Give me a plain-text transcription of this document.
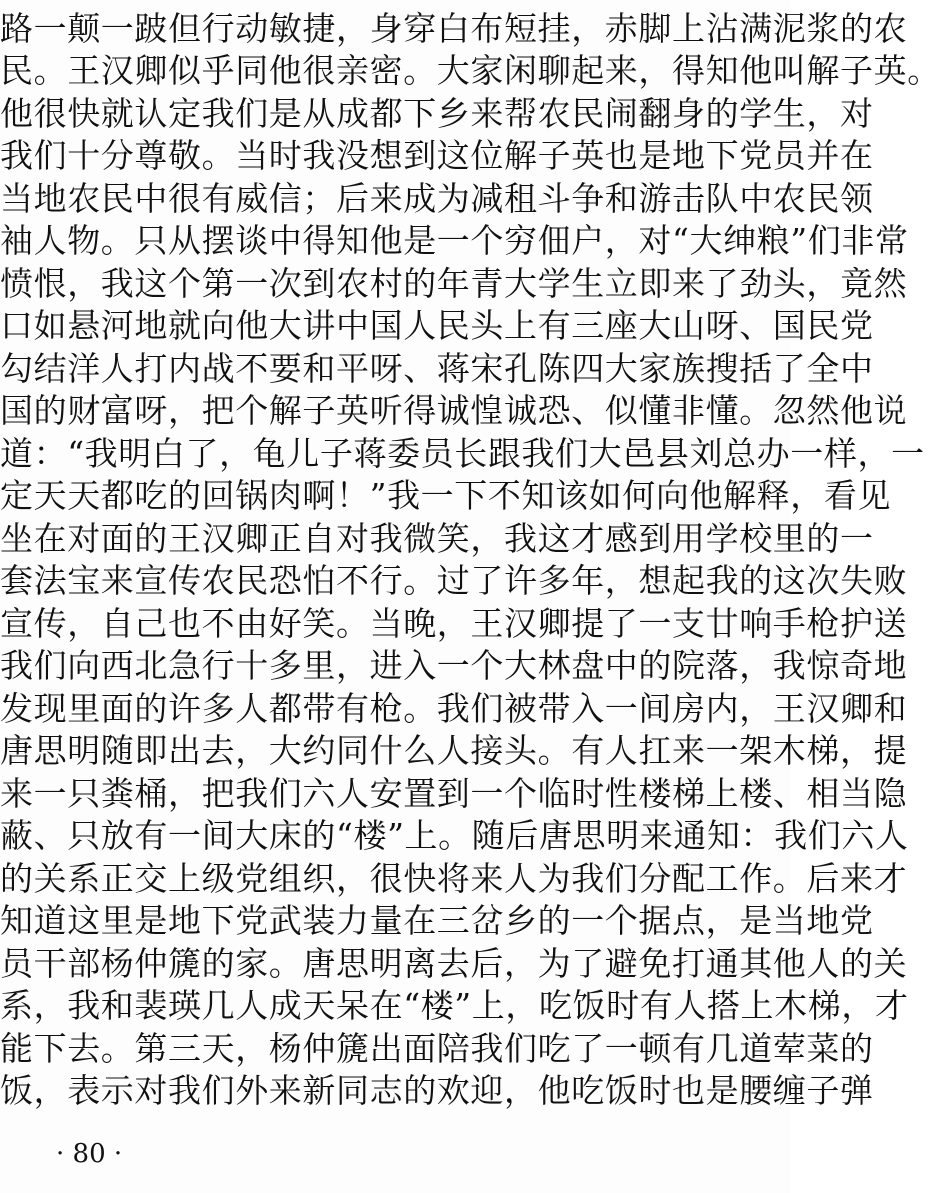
路一颠一跛但行动敏捷，身穿白布短挂，赤脚上沾满泥浆的农
民。王汉卿似乎同他很亲密。大家闲聊起来，得知他叫解子英。
他很快就认定我们是从成都下乡来帮农民闹翻身的学生，对
我们十分尊敬。当时我没想到这位解子英也是地下党员并在
当地农民中很有威信；后来成为减租斗争和游击队中农民领
袖人物。只从摆谈中得知他是一个穷佃户，对“大绅粮”们非常
愤恨，我这个第一次到农村的年青大学生立即来了劲头，竟然
口如悬河地就向他大讲中国人民头上有三座大山呀、国民党
勾结洋人打内战不要和平呀、蒋宋孔陈四大家族搜括了全中
国的财富呀，把个解子英听得诚惶诚恐、似懂非懂。忽然他说
道：“我明白了，龟儿子蒋委员长跟我们大邑县刘总办一样，一
定天天都吃的回锅肉啊！”我一下不知该如何向他解释，看见
坐在对面的王汉卿正自对我微笑，我这才感到用学校里的一
套法宝来宣传农民恐怕不行。过了许多年，想起我的这次失败
宣传，自己也不由好笑。当晚，王汉卿提了一支廿响手枪护送
我们向西北急行十多里，进入一个大林盘中的院落，我惊奇地
发现里面的许多人都带有枪。我们被带入一间房内，王汉卿和
唐思明随即出去，大约同什么人接头。有人扛来一架木梯，提
来一只粪桶，把我们六人安置到一个临时性楼梯上楼、相当隐
蔽、只放有一间大床的“楼”上。随后唐思明来通知：我们六人
的关系正交上级党组织，很快将来人为我们分配工作。后来才
知道这里是地下党武装力量在三岔乡的一个据点，是当地党
员干部杨仲篪的家。唐思明离去后，为了避免打通其他人的关
系，我和裴瑛几人成天呆在“楼”上，吃饭时有人搭上木梯，才
能下去。第三天，杨仲篪出面陪我们吃了一顿有几道荤菜的
饭，表示对我们外来新同志的欢迎，他吃饭时也是腰缠子弹
· 80 ·
